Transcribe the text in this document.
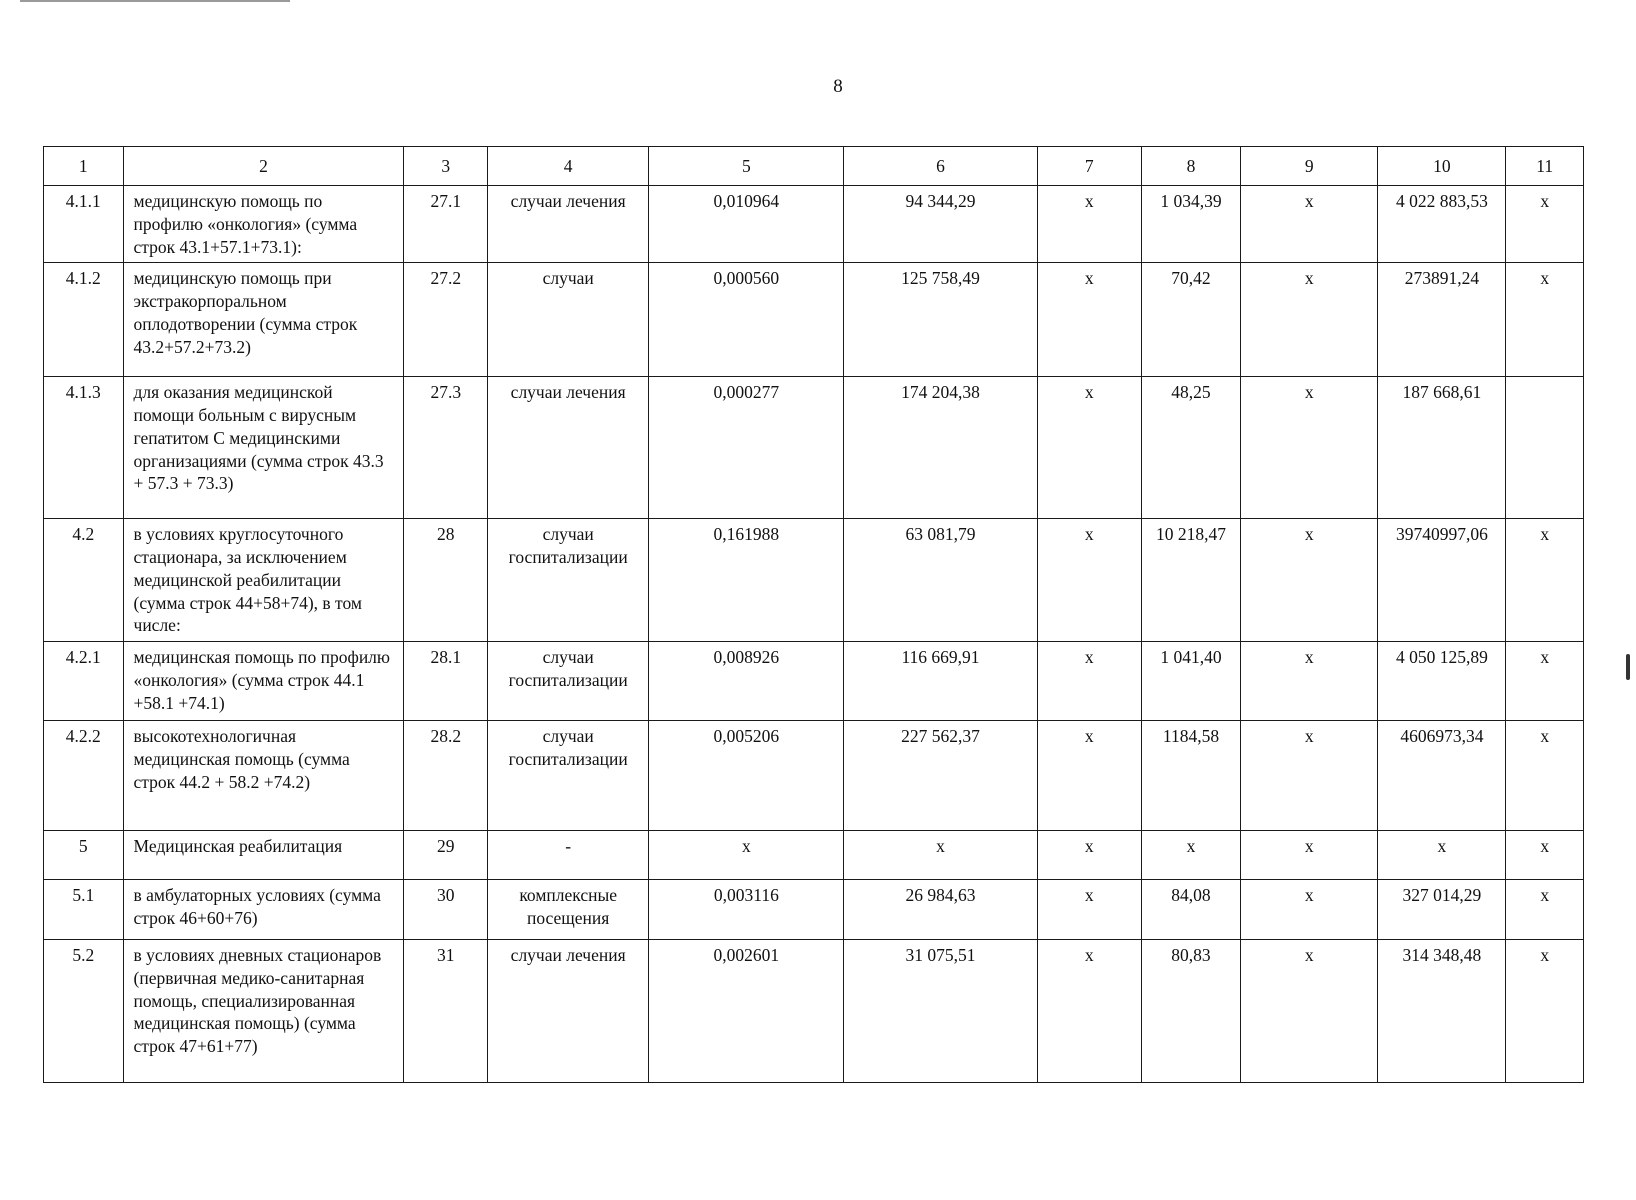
8
1	2	3	4	5	6	7	8	9	10	11
4.1.1	медицинскую помощь по профилю «онкология» (сумма строк 43.1+57.1+73.1):	27.1	случаи лечения	0,010964	94 344,29	х	1 034,39	х	4 022 883,53	х
4.1.2	медицинскую помощь при экстракорпоральном оплодотворении (сумма строк 43.2+57.2+73.2)	27.2	случаи	0,000560	125 758,49	х	70,42	х	273891,24	х
4.1.3	для оказания медицинской помощи больным с вирусным гепатитом С медицинскими организациями (сумма строк 43.3 + 57.3 + 73.3)	27.3	случаи лечения	0,000277	174 204,38	х	48,25	х	187 668,61	
4.2	в условиях круглосуточного стационара, за исключением медицинской реабилитации (сумма строк 44+58+74), в том числе:	28	случаи госпитализации	0,161988	63 081,79	х	10 218,47	х	39740997,06	х
4.2.1	медицинская помощь по профилю «онкология» (сумма строк 44.1 +58.1 +74.1)	28.1	случаи госпитализации	0,008926	116 669,91	х	1 041,40	х	4 050 125,89	х
4.2.2	высокотехнологичная медицинская помощь (сумма строк 44.2 + 58.2 +74.2)	28.2	случаи госпитализации	0,005206	227 562,37	х	1184,58	х	4606973,34	х
5	Медицинская реабилитация	29	-	х	х	х	х	х	х	х
5.1	в амбулаторных условиях (сумма строк 46+60+76)	30	комплексные посещения	0,003116	26 984,63	х	84,08	х	327 014,29	х
5.2	в условиях дневных стационаров (первичная медико-санитарная помощь, специализированная медицинская помощь) (сумма строк 47+61+77)	31	случаи лечения	0,002601	31 075,51	х	80,83	х	314 348,48	х
